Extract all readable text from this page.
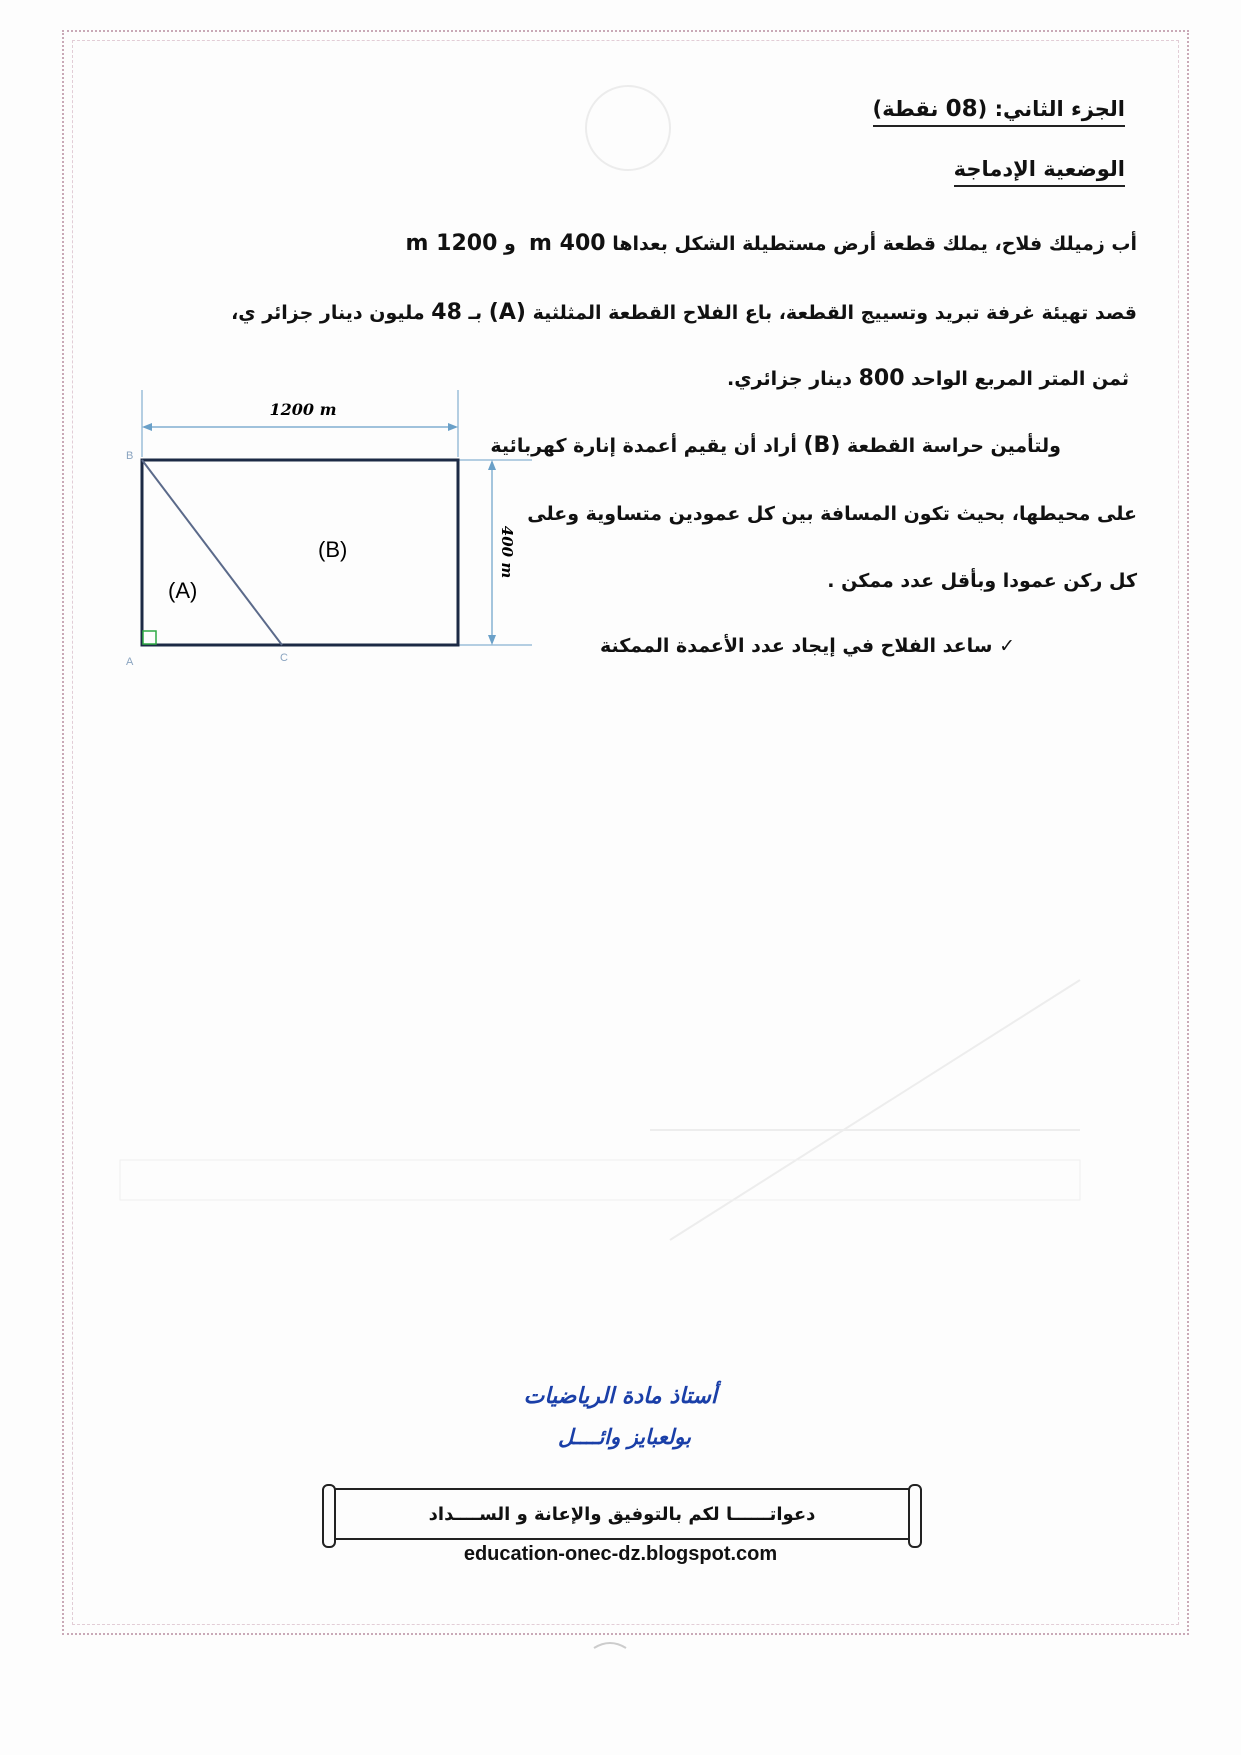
الجزء الثاني: (08 نقطة)
الوضعية الإدماجة
أب زميلك فلاح، يملك قطعة أرض مستطيلة الشكل بعداها 400 m  و 1200 m
قصد تهيئة غرفة تبريد وتسييج القطعة، باع الفلاح القطعة المثلثية (A) بـ 48 مليون دينار جزائر ي،
ثمن المتر المربع الواحد 800 دينار جزائري.
ولتأمين حراسة القطعة (B) أراد أن يقيم أعمدة إنارة كهربائية
على محيطها، بحيث تكون المسافة بين كل عمودين متساوية وعلى
كل ركن عمودا وبأقل عدد ممكن .
✓ ساعد الفلاح في إيجاد عدد الأعمدة الممكنة
1200 m
400 m
(A)
(B)
B
A	C
أستاذ مادة الرياضيات
بولعبايز وائــــل
دعواتــــــا لكم بالتوفيق والإعانة و الســــداد
education-onec-dz.blogspot.com
